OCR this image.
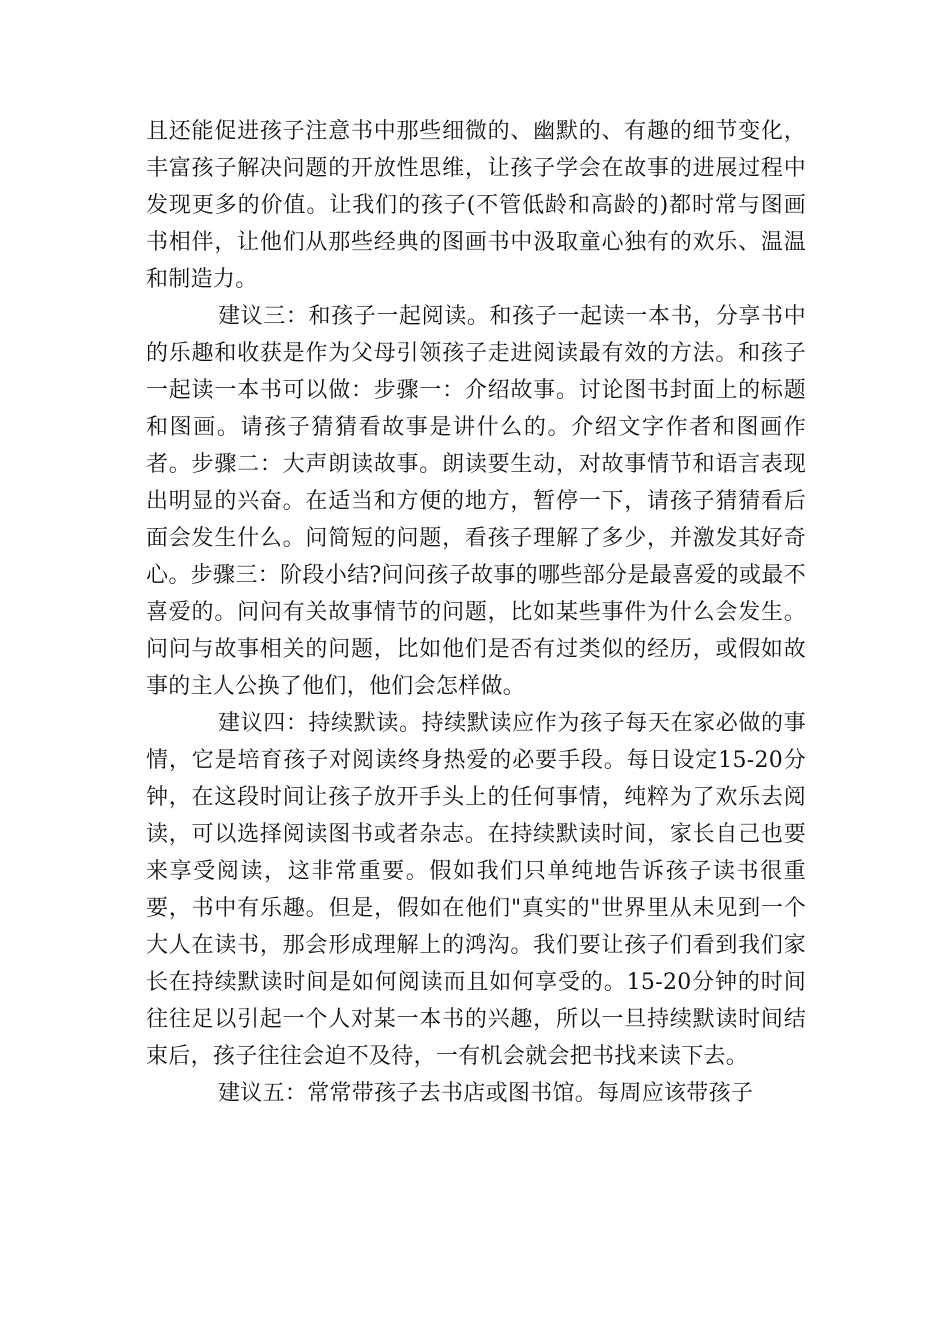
且还能促进孩子注意书中那些细微的、幽默的、有趣的细节变化，丰富孩子解决问题的开放性思维，让孩子学会在故事的进展过程中发现更多的价值。让我们的孩子(不管低龄和高龄的)都时常与图画书相伴，让他们从那些经典的图画书中汲取童心独有的欢乐、温温和制造力。

建议三：和孩子一起阅读。和孩子一起读一本书，分享书中的乐趣和收获是作为父母引领孩子走进阅读最有效的方法。和孩子一起读一本书可以做：步骤一：介绍故事。讨论图书封面上的标题和图画。请孩子猜猜看故事是讲什么的。介绍文字作者和图画作者。步骤二：大声朗读故事。朗读要生动，对故事情节和语言表现出明显的兴奋。在适当和方便的地方，暂停一下，请孩子猜猜看后面会发生什么。问简短的问题，看孩子理解了多少，并激发其好奇心。步骤三：阶段小结?问问孩子故事的哪些部分是最喜爱的或最不喜爱的。问问有关故事情节的问题，比如某些事件为什么会发生。问问与故事相关的问题，比如他们是否有过类似的经历，或假如故事的主人公换了他们，他们会怎样做。

建议四：持续默读。持续默读应作为孩子每天在家必做的事情，它是培育孩子对阅读终身热爱的必要手段。每日设定15-20分钟，在这段时间让孩子放开手头上的任何事情，纯粹为了欢乐去阅读，可以选择阅读图书或者杂志。在持续默读时间，家长自己也要来享受阅读，这非常重要。假如我们只单纯地告诉孩子读书很重要，书中有乐趣。但是，假如在他们"真实的"世界里从未见到一个大人在读书，那会形成理解上的鸿沟。我们要让孩子们看到我们家长在持续默读时间是如何阅读而且如何享受的。15-20分钟的时间往往足以引起一个人对某一本书的兴趣，所以一旦持续默读时间结束后，孩子往往会迫不及待，一有机会就会把书找来读下去。

建议五：常常带孩子去书店或图书馆。每周应该带孩子
